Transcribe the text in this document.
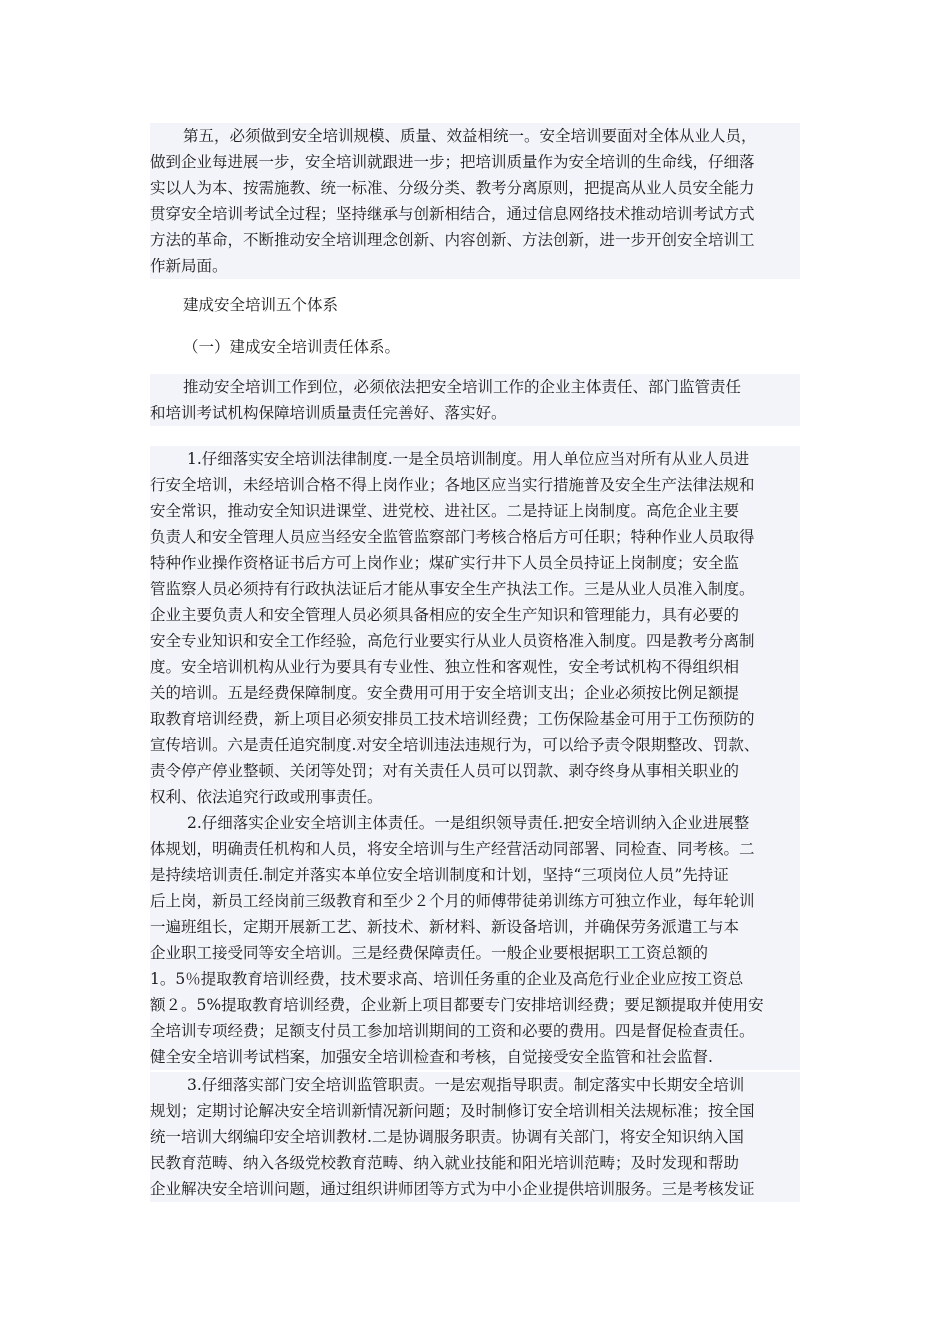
第五，必须做到安全培训规模、质量、效益相统一。安全培训要面对全体从业人员，
做到企业每进展一步，安全培训就跟进一步；把培训质量作为安全培训的生命线，仔细落
实以人为本、按需施教、统一标准、分级分类、教考分离原则，把提高从业人员安全能力
贯穿安全培训考试全过程；坚持继承与创新相结合，通过信息网络技术推动培训考试方式
方法的革命，不断推动安全培训理念创新、内容创新、方法创新，进一步开创安全培训工
作新局面。
建成安全培训五个体系
（一）建成安全培训责任体系。
推动安全培训工作到位，必须依法把安全培训工作的企业主体责任、部门监管责任
和培训考试机构保障培训质量责任完善好、落实好。
1.仔细落实安全培训法律制度.一是全员培训制度。用人单位应当对所有从业人员进
行安全培训，未经培训合格不得上岗作业；各地区应当实行措施普及安全生产法律法规和
安全常识，推动安全知识进课堂、进党校、进社区。二是持证上岗制度。高危企业主要
负责人和安全管理人员应当经安全监管监察部门考核合格后方可任职；特种作业人员取得
特种作业操作资格证书后方可上岗作业；煤矿实行井下人员全员持证上岗制度；安全监
管监察人员必须持有行政执法证后才能从事安全生产执法工作。三是从业人员准入制度。
企业主要负责人和安全管理人员必须具备相应的安全生产知识和管理能力，具有必要的
安全专业知识和安全工作经验，高危行业要实行从业人员资格准入制度。四是教考分离制
度。安全培训机构从业行为要具有专业性、独立性和客观性，安全考试机构不得组织相
关的培训。五是经费保障制度。安全费用可用于安全培训支出；企业必须按比例足额提
取教育培训经费，新上项目必须安排员工技术培训经费；工伤保险基金可用于工伤预防的
宣传培训。六是责任追究制度.对安全培训违法违规行为，可以给予责令限期整改、罚款、
责令停产停业整顿、关闭等处罚；对有关责任人员可以罚款、剥夺终身从事相关职业的
权利、依法追究行政或刑事责任。
2.仔细落实企业安全培训主体责任。一是组织领导责任.把安全培训纳入企业进展整
体规划，明确责任机构和人员，将安全培训与生产经营活动同部署、同检查、同考核。二
是持续培训责任.制定并落实本单位安全培训制度和计划，坚持“三项岗位人员”先持证
后上岗，新员工经岗前三级教育和至少２个月的师傅带徒弟训练方可独立作业，每年轮训
一遍班组长，定期开展新工艺、新技术、新材料、新设备培训，并确保劳务派遣工与本
企业职工接受同等安全培训。三是经费保障责任。一般企业要根据职工工资总额的
1。5％提取教育培训经费，技术要求高、培训任务重的企业及高危行业企业应按工资总
额２。5%提取教育培训经费，企业新上项目都要专门安排培训经费；要足额提取并使用安
全培训专项经费；足额支付员工参加培训期间的工资和必要的费用。四是督促检查责任。
健全安全培训考试档案，加强安全培训检查和考核，自觉接受安全监管和社会监督.
3.仔细落实部门安全培训监管职责。一是宏观指导职责。制定落实中长期安全培训
规划；定期讨论解决安全培训新情况新问题；及时制修订安全培训相关法规标准；按全国
统一培训大纲编印安全培训教材.二是协调服务职责。协调有关部门，将安全知识纳入国
民教育范畴、纳入各级党校教育范畴、纳入就业技能和阳光培训范畴；及时发现和帮助
企业解决安全培训问题，通过组织讲师团等方式为中小企业提供培训服务。三是考核发证
